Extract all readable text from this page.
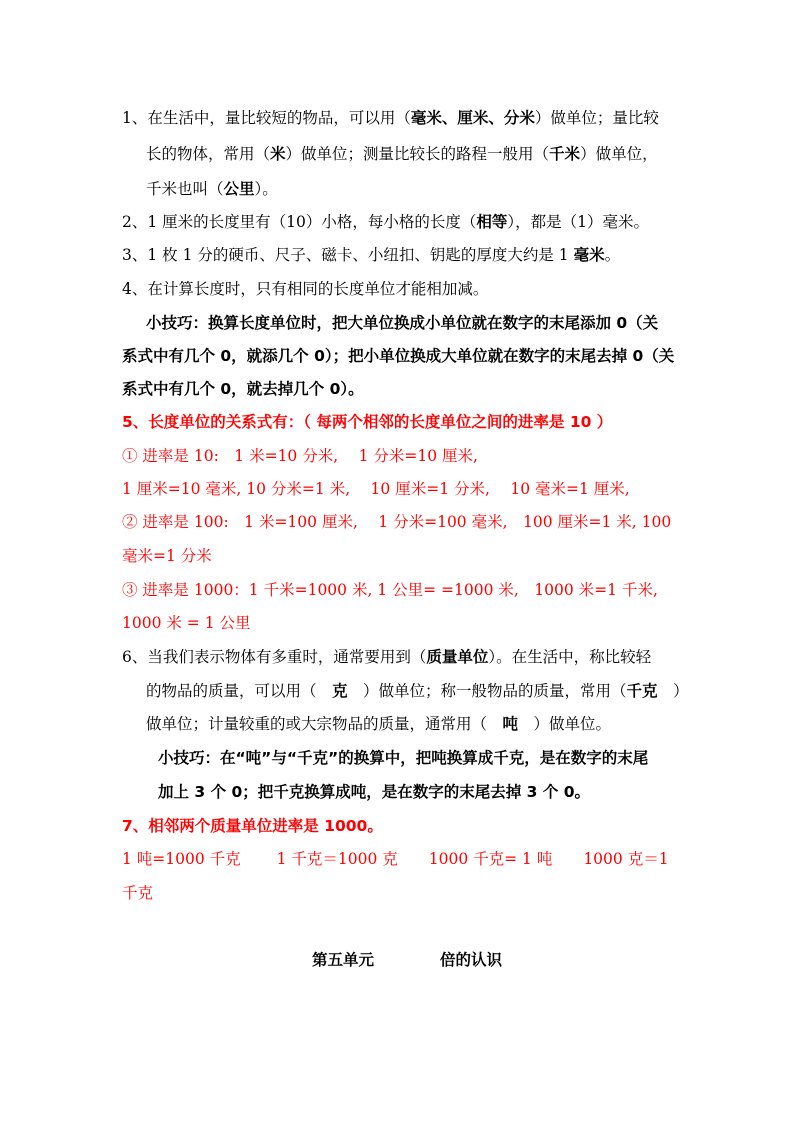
1、在生活中，量比较短的物品，可以用（毫米、厘米、分米）做单位；量比较
长的物体，常用（米）做单位；测量比较长的路程一般用（千米）做单位，
千米也叫（公里）。
2、1 厘米的长度里有（10）小格，每小格的长度（相等），都是（1）毫米。
3、1 枚 1 分的硬币、尺子、磁卡、小纽扣、钥匙的厚度大约是 1 毫米。
4、在计算长度时，只有相同的长度单位才能相加减。
小技巧：换算长度单位时，把大单位换成小单位就在数字的末尾添加 0（关
系式中有几个 0，就添几个 0）；把小单位换成大单位就在数字的末尾去掉 0（关
系式中有几个 0，就去掉几个 0）。
5、长度单位的关系式有：（ 每两个相邻的长度单位之间的进率是 10 ）
① 进率是 10:　1 米=10 分米,　 1 分米=10 厘米,
1 厘米=10 毫米, 10 分米=1 米,　 10 厘米=1 分米,　 10 毫米=1 厘米,
② 进率是 100:　1 米=100 厘米,　 1 分米=100 毫米,　100 厘米=1 米, 100
毫米=1 分米
③ 进率是 1000：1 千米=1000 米, 1 公里= =1000 米,　1000 米=1 千米,
1000 米 = 1 公里
6、当我们表示物体有多重时，通常要用到（质量单位）。在生活中，称比较轻
的物品的质量，可以用（　克　）做单位；称一般物品的质量，常用（千克　）
做单位；计量较重的或大宗物品的质量，通常用（　吨　）做单位。
小技巧：在“吨”与“千克”的换算中，把吨换算成千克，是在数字的末尾
加上 3 个 0；把千克换算成吨，是在数字的末尾去掉 3 个 0。
7、相邻两个质量单位进率是 1000。
1 吨=1000 千克　　 1 千克＝1000 克　　1000 千克= 1 吨　　1000 克＝1
千克
第五单元	倍的认识
